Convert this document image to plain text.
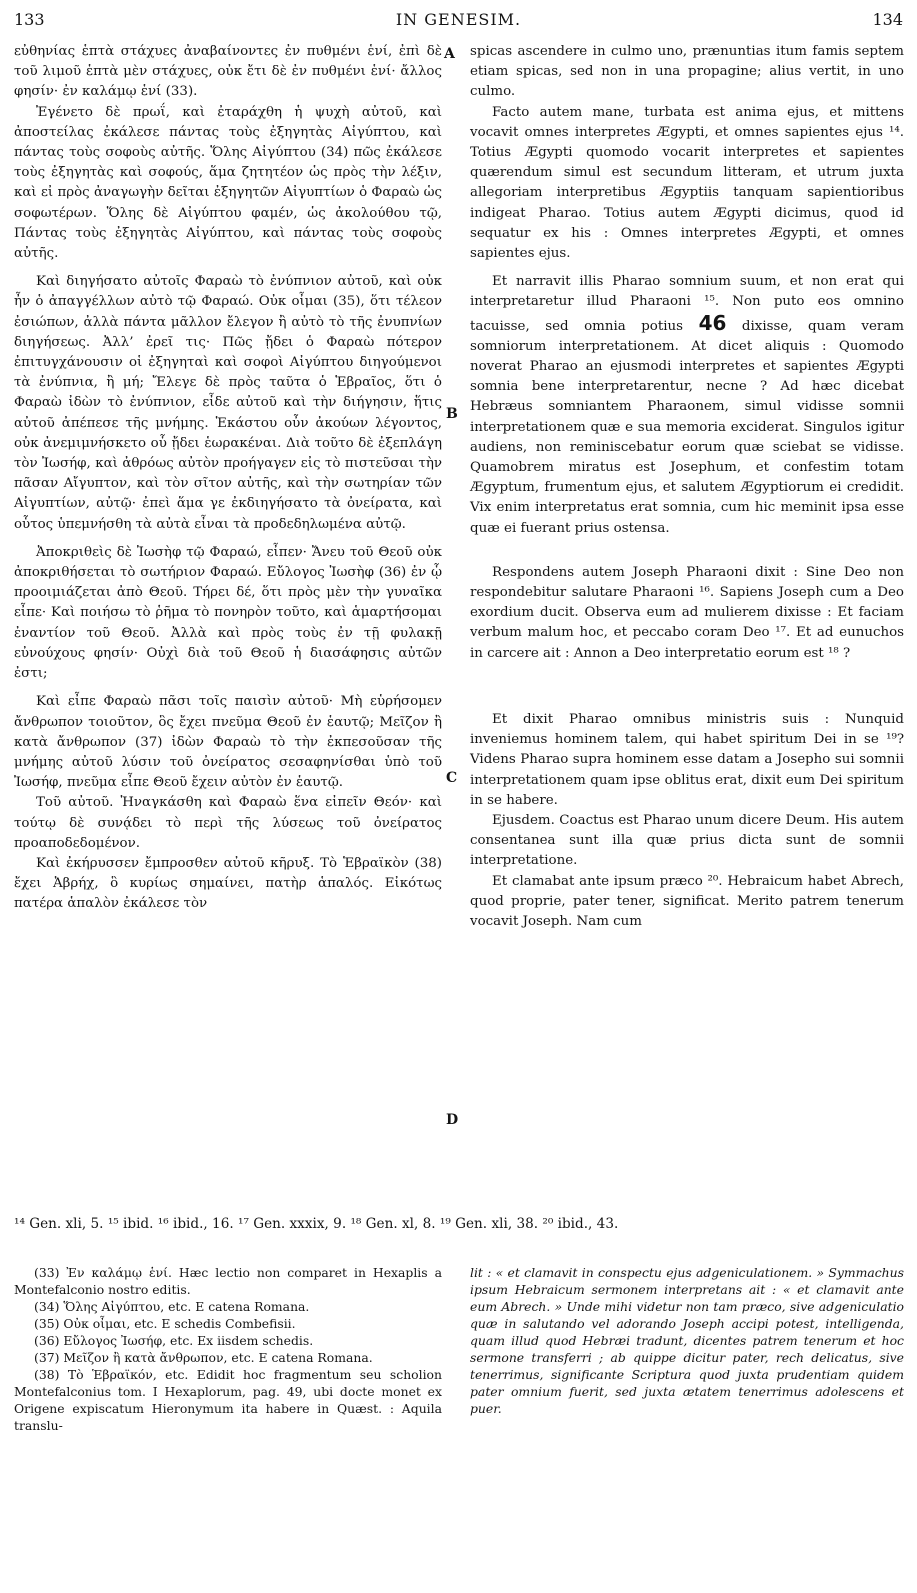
133	IN GENESIM.	134
A
B
C
D

εὐθηνίας ἑπτὰ στάχυες ἀναβαίνοντες ἐν πυθμένι ἑνί, ἐπὶ δὲ τοῦ λιμοῦ ἑπτὰ μὲν στάχυες, οὐκ ἔτι δὲ ἐν πυθμένι ἑνί· ἄλλος φησίν· ἐν καλάμῳ ἑνί (33).

Ἐγένετο δὲ πρωΐ, καὶ ἐταράχθη ἡ ψυχὴ αὐτοῦ, καὶ ἀποστείλας ἐκάλεσε πάντας τοὺς ἐξηγητὰς Αἰγύπτου, καὶ πάντας τοὺς σοφοὺς αὐτῆς. Ὅλης Αἰγύπτου (34) πῶς ἐκάλεσε τοὺς ἐξηγητὰς καὶ σοφούς, ἅμα ζητητέον ὡς πρὸς τὴν λέξιν, καὶ εἰ πρὸς ἀναγωγὴν δεῖται ἐξηγητῶν Αἰγυπτίων ὁ Φαραὼ ὡς σοφωτέρων. Ὅλης δὲ Αἰγύπτου φαμέν, ὡς ἀκολούθου τῷ, Πάντας τοὺς ἐξηγητὰς Αἰγύπτου, καὶ πάντας τοὺς σοφοὺς αὐτῆς.

Καὶ διηγήσατο αὐτοῖς Φαραὼ τὸ ἐνύπνιον αὐτοῦ, καὶ οὐκ ἦν ὁ ἀπαγγέλλων αὐτὸ τῷ Φαραώ. Οὐκ οἶμαι (35), ὅτι τέλεον ἐσιώπων, ἀλλὰ πάντα μᾶλλον ἔλεγον ἢ αὐτὸ τὸ τῆς ἐνυπνίων διηγήσεως. Ἀλλ’ ἐρεῖ τις· Πῶς ᾔδει ὁ Φαραὼ πότερον ἐπιτυγχάνουσιν οἱ ἐξηγηταὶ καὶ σοφοὶ Αἰγύπτου διηγούμενοι τὰ ἐνύπνια, ἢ μή; Ἔλεγε δὲ πρὸς ταῦτα ὁ Ἑβραῖος, ὅτι ὁ Φαραὼ ἰδὼν τὸ ἐνύπνιον, εἶδε αὐτοῦ καὶ τὴν διήγησιν, ἥτις αὐτοῦ ἀπέπεσε τῆς μνήμης. Ἑκάστου οὖν ἀκούων λέγοντος, οὐκ ἀνεμιμνήσκετο οὗ ᾔδει ἑωρακέναι. Διὰ τοῦτο δὲ ἐξεπλάγη τὸν Ἰωσήφ, καὶ ἀθρόως αὐτὸν προήγαγεν εἰς τὸ πιστεῦσαι τὴν πᾶσαν Αἴγυπτον, καὶ τὸν σῖτον αὐτῆς, καὶ τὴν σωτηρίαν τῶν Αἰγυπτίων, αὐτῷ· ἐπεὶ ἅμα γε ἐκδιηγήσατο τὰ ὀνείρατα, καὶ οὗτος ὑπεμνήσθη τὰ αὐτὰ εἶναι τὰ προδεδηλωμένα αὐτῷ.

Ἀποκριθεὶς δὲ Ἰωσὴφ τῷ Φαραώ, εἶπεν· Ἄνευ τοῦ Θεοῦ οὐκ ἀποκριθήσεται τὸ σωτήριον Φαραώ. Εὔλογος Ἰωσὴφ (36) ἐν ᾧ προοιμιάζεται ἀπὸ Θεοῦ. Τήρει δέ, ὅτι πρὸς μὲν τὴν γυναῖκα εἶπε· Καὶ ποιήσω τὸ ῥῆμα τὸ πονηρὸν τοῦτο, καὶ ἁμαρτήσομαι ἐναντίον τοῦ Θεοῦ. Ἀλλὰ καὶ πρὸς τοὺς ἐν τῇ φυλακῇ εὐνούχους φησίν· Οὐχὶ διὰ τοῦ Θεοῦ ἡ διασάφησις αὐτῶν ἐστι;

Καὶ εἶπε Φαραὼ πᾶσι τοῖς παισὶν αὐτοῦ· Μὴ εὑρήσομεν ἄνθρωπον τοιοῦτον, ὃς ἔχει πνεῦμα Θεοῦ ἐν ἑαυτῷ; Μεῖζον ἢ κατὰ ἄνθρωπον (37) ἰδὼν Φαραὼ τὸ τὴν ἐκπεσοῦσαν τῆς μνήμης αὐτοῦ λύσιν τοῦ ὀνείρατος σεσαφηνίσθαι ὑπὸ τοῦ Ἰωσήφ, πνεῦμα εἶπε Θεοῦ ἔχειν αὐτὸν ἐν ἑαυτῷ.

Τοῦ αὐτοῦ. Ἠναγκάσθη καὶ Φαραὼ ἕνα εἰπεῖν Θεόν· καὶ τούτῳ δὲ συνᾴδει τὸ περὶ τῆς λύσεως τοῦ ὀνείρατος προαποδεδομένον.

Καὶ ἐκήρυσσεν ἔμπροσθεν αὐτοῦ κῆρυξ. Τὸ Ἑβραϊκὸν (38) ἔχει Ἀβρήχ, ὃ κυρίως σημαίνει, πατὴρ ἁπαλός. Εἰκότως πατέρα ἁπαλὸν ἐκάλεσε τὸν

spicas ascendere in culmo uno, prænuntias itum famis septem etiam spicas, sed non in una propagine; alius vertit, in uno culmo.

Facto autem mane, turbata est anima ejus, et mittens vocavit omnes interpretes Ægypti, et omnes sapientes ejus ¹⁴. Totius Ægypti quomodo vocarit interpretes et sapientes quærendum simul est secundum litteram, et utrum juxta allegoriam interpretibus Ægyptiis tanquam sapientioribus indigeat Pharao. Totius autem Ægypti dicimus, quod id sequatur ex his : Omnes interpretes Ægypti, et omnes sapientes ejus.

Et narravit illis Pharao somnium suum, et non erat qui interpretaretur illud Pharaoni ¹⁵. Non puto eos omnino tacuisse, sed omnia potius 46 dixisse, quam veram somniorum interpretationem. At dicet aliquis : Quomodo noverat Pharao an ejusmodi interpretes et sapientes Ægypti somnia bene interpretarentur, necne ? Ad hæc dicebat Hebræus somniantem Pharaonem, simul vidisse somnii interpretationem quæ e sua memoria exciderat. Singulos igitur audiens, non reminiscebatur eorum quæ sciebat se vidisse. Quamobrem miratus est Josephum, et confestim totam Ægyptum, frumentum ejus, et salutem Ægyptiorum ei credidit. Vix enim interpretatus erat somnia, cum hic meminit ipsa esse quæ ei fuerant prius ostensa.

Respondens autem Joseph Pharaoni dixit : Sine Deo non respondebitur salutare Pharaoni ¹⁶. Sapiens Joseph cum a Deo exordium ducit. Observa eum ad mulierem dixisse : Et faciam verbum malum hoc, et peccabo coram Deo ¹⁷. Et ad eunuchos in carcere ait : Annon a Deo interpretatio eorum est ¹⁸ ?

Et dixit Pharao omnibus ministris suis : Nunquid inveniemus hominem talem, qui habet spiritum Dei in se ¹⁹? Videns Pharao supra hominem esse datam a Josepho sui somnii interpretationem quam ipse oblitus erat, dixit eum Dei spiritum in se habere.

Ejusdem. Coactus est Pharao unum dicere Deum. His autem consentanea sunt illa quæ prius dicta sunt de somnii interpretatione.

Et clamabat ante ipsum præco ²⁰. Hebraicum habet Abrech, quod proprie, pater tener, significat. Merito patrem tenerum vocavit Joseph. Nam cum

¹⁴ Gen. xli, 5. ¹⁵ ibid. ¹⁶ ibid., 16. ¹⁷ Gen. xxxix, 9. ¹⁸ Gen. xl, 8. ¹⁹ Gen. xli, 38. ²⁰ ibid., 43.

(33) Ἐν καλάμῳ ἑνί. Hæc lectio non comparet in Hexaplis a Montefalconio nostro editis.

(34) Ὅλης Αἰγύπτου, etc. E catena Romana.

(35) Οὐκ οἶμαι, etc. E schedis Combefisii.

(36) Εὔλογος Ἰωσήφ, etc. Ex iisdem schedis.

(37) Μεῖζον ἢ κατὰ ἄνθρωπον, etc. E catena Romana.

(38) Τὸ Ἑβραϊκόν, etc. Edidit hoc fragmentum seu scholion Montefalconius tom. I Hexaplorum, pag. 49, ubi docte monet ex Origene expiscatum Hieronymum ita habere in Quæst. : Aquila translu-

lit : « et clamavit in conspectu ejus adgeniculationem. » Symmachus ipsum Hebraicum sermonem interpretans ait : « et clamavit ante eum Abrech. » Unde mihi videtur non tam præco, sive adgeniculatio quæ in salutando vel adorando Joseph accipi potest, intelligenda, quam illud quod Hebræi tradunt, dicentes patrem tenerum et hoc sermone transferri ; ab quippe dicitur pater, rech delicatus, sive tenerrimus, significante Scriptura quod juxta prudentiam quidem pater omnium fuerit, sed juxta ætatem tenerrimus adolescens et puer.
